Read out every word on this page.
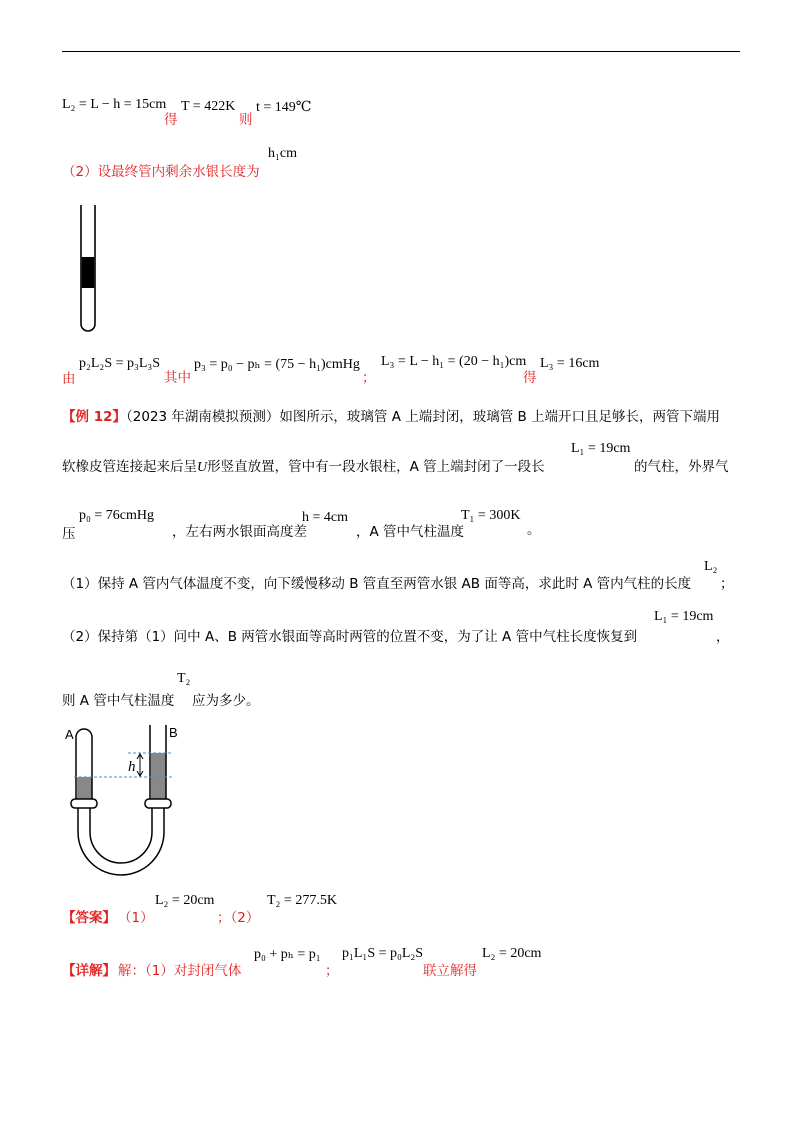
L₂ = L − h = 15cm
得
T = 422K
则
t = 149℃
（2）设最终管内剩余水银长度为
h₁cm
由
p₂L₂S = p₃L₃S
其中
p₃ = p₀ − pₕ = (75 − h₁)cmHg
；
L₃ = L − h₁ = (20 − h₁)cm
得
L₃ = 16cm
【例 12】（2023 年湖南模拟预测）如图所示，玻璃管 A 上端封闭，玻璃管 B 上端开口且足够长，两管下端用
软橡皮管连接起来后呈U形竖直放置，管中有一段水银柱，A 管上端封闭了一段长
L₁ = 19cm
的气柱，外界气
压
p₀ = 76cmHg
，左右两水银面高度差
h = 4cm
，A 管中气柱温度
T₁ = 300K
。
（1）保持 A 管内气体温度不变，向下缓慢移动 B 管直至两管水银 AB 面等高，求此时 A 管内气柱的长度
L₂
；
（2）保持第（1）问中 A、B 两管水银面等高时两管的位置不变，为了让 A 管中气柱长度恢复到
L₁ = 19cm
，
则 A 管中气柱温度
T₂
应为多少。
h
A	B
【答案】 （1）
L₂ = 20cm
；（2）
T₂ = 277.5K
【详解】 解：（1）对封闭气体
p₀ + pₕ = p₁
；
p₁L₁S = p₀L₂S
联立解得
L₂ = 20cm
